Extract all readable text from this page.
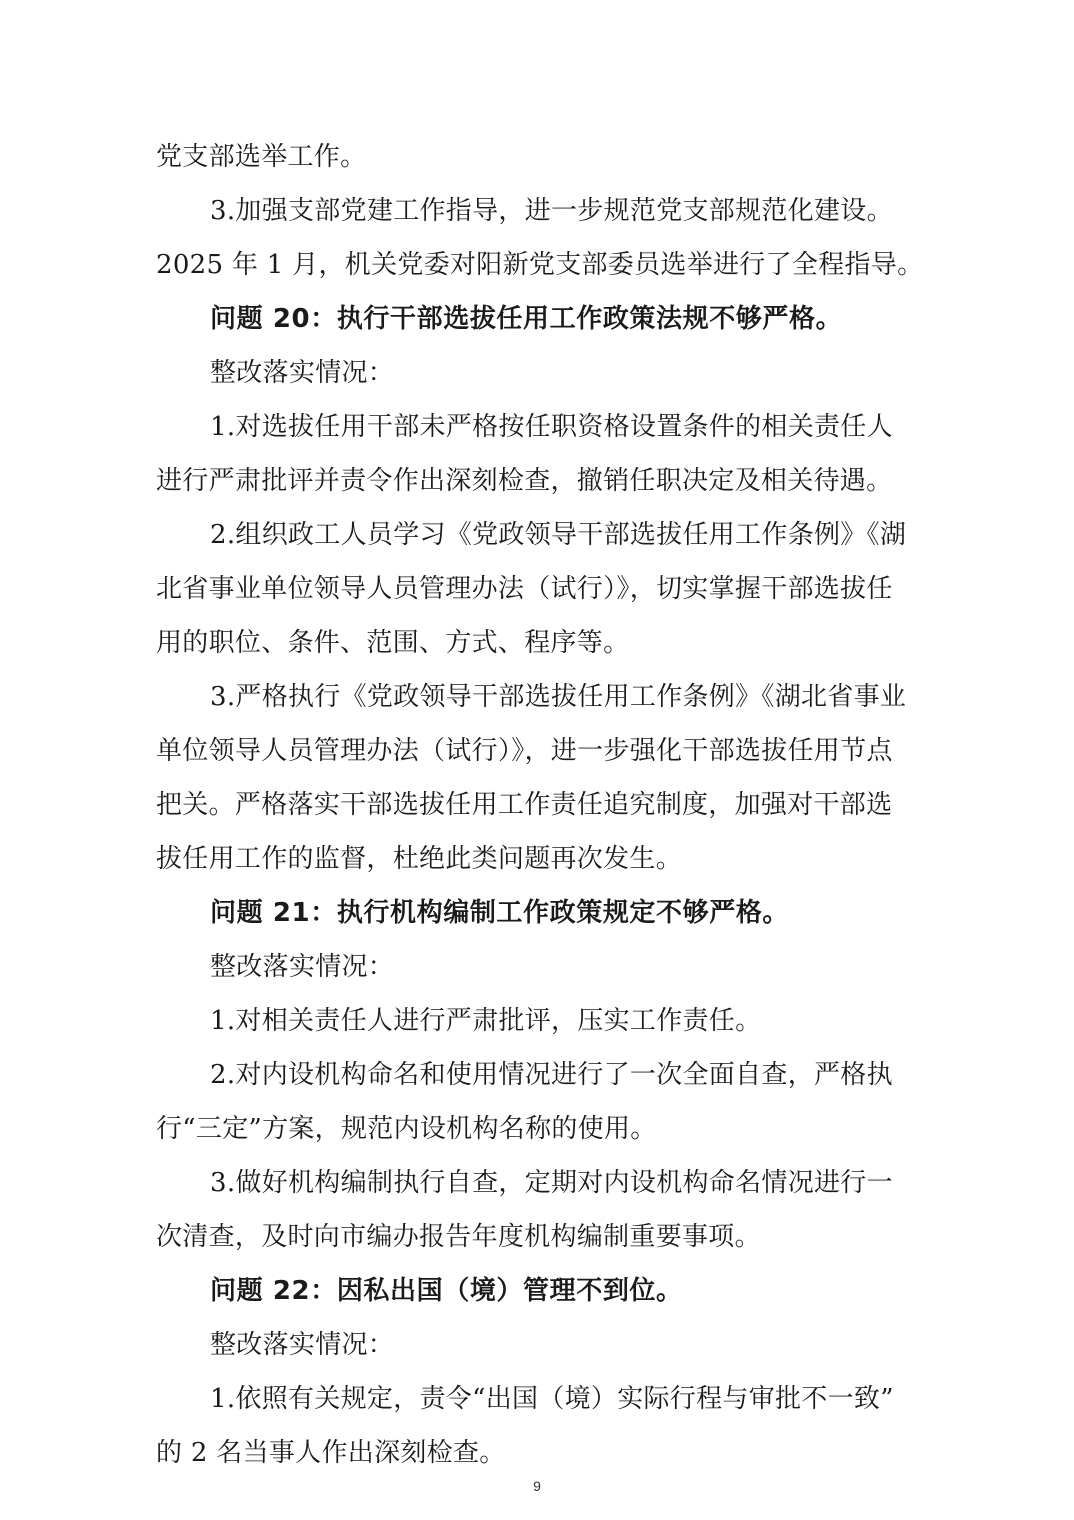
党支部选举工作。
3.加强支部党建工作指导，进一步规范党支部规范化建设。
2025 年 1 月，机关党委对阳新党支部委员选举进行了全程指导。
问题 20：执行干部选拔任用工作政策法规不够严格。
整改落实情况：
1.对选拔任用干部未严格按任职资格设置条件的相关责任人
进行严肃批评并责令作出深刻检查，撤销任职决定及相关待遇。
2.组织政工人员学习《党政领导干部选拔任用工作条例》《湖
北省事业单位领导人员管理办法（试行）》，切实掌握干部选拔任
用的职位、条件、范围、方式、程序等。
3.严格执行《党政领导干部选拔任用工作条例》《湖北省事业
单位领导人员管理办法（试行）》，进一步强化干部选拔任用节点
把关。严格落实干部选拔任用工作责任追究制度，加强对干部选
拔任用工作的监督，杜绝此类问题再次发生。
问题 21：执行机构编制工作政策规定不够严格。
整改落实情况：
1.对相关责任人进行严肃批评，压实工作责任。
2.对内设机构命名和使用情况进行了一次全面自查，严格执
行“三定”方案，规范内设机构名称的使用。
3.做好机构编制执行自查，定期对内设机构命名情况进行一
次清查，及时向市编办报告年度机构编制重要事项。
问题 22：因私出国（境）管理不到位。
整改落实情况：
1.依照有关规定，责令“出国（境）实际行程与审批不一致”
的 2 名当事人作出深刻检查。
9
